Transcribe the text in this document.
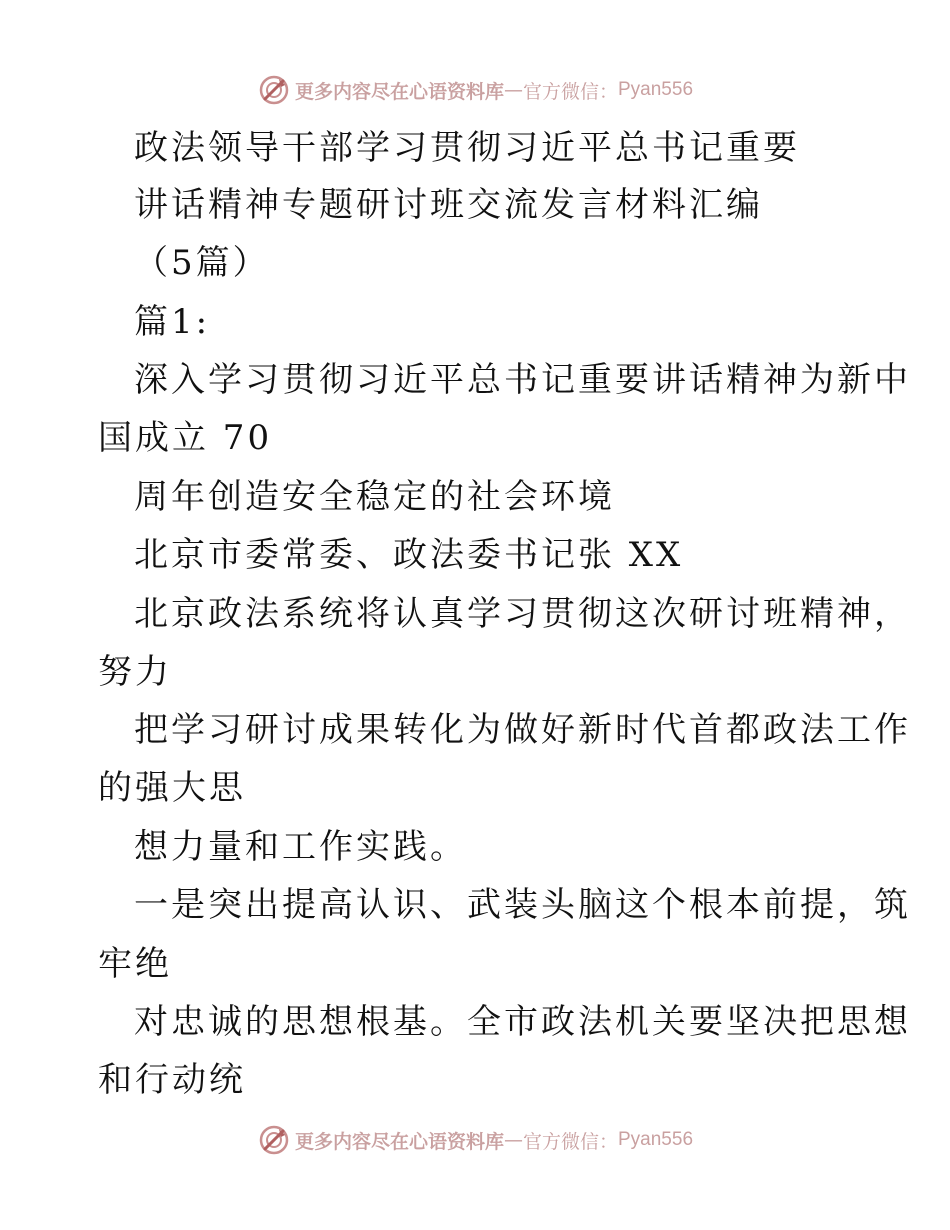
更多内容尽在心语资料库 — 官方微信： Pyan556
政法领导干部学习贯彻习近平总书记重要
讲话精神专题研讨班交流发言材料汇编
（5篇）
篇1:
深入学习贯彻习近平总书记重要讲话精神为新中
国成立 70
周年创造安全稳定的社会环境
北京市委常委、政法委书记张 XX
北京政法系统将认真学习贯彻这次研讨班精神，
努力
把学习研讨成果转化为做好新时代首都政法工作
的强大思
想力量和工作实践。
一是突出提高认识、武装头脑这个根本前提，筑
牢绝
对忠诚的思想根基。全市政法机关要坚决把思想
和行动统
更多内容尽在心语资料库 — 官方微信： Pyan556
